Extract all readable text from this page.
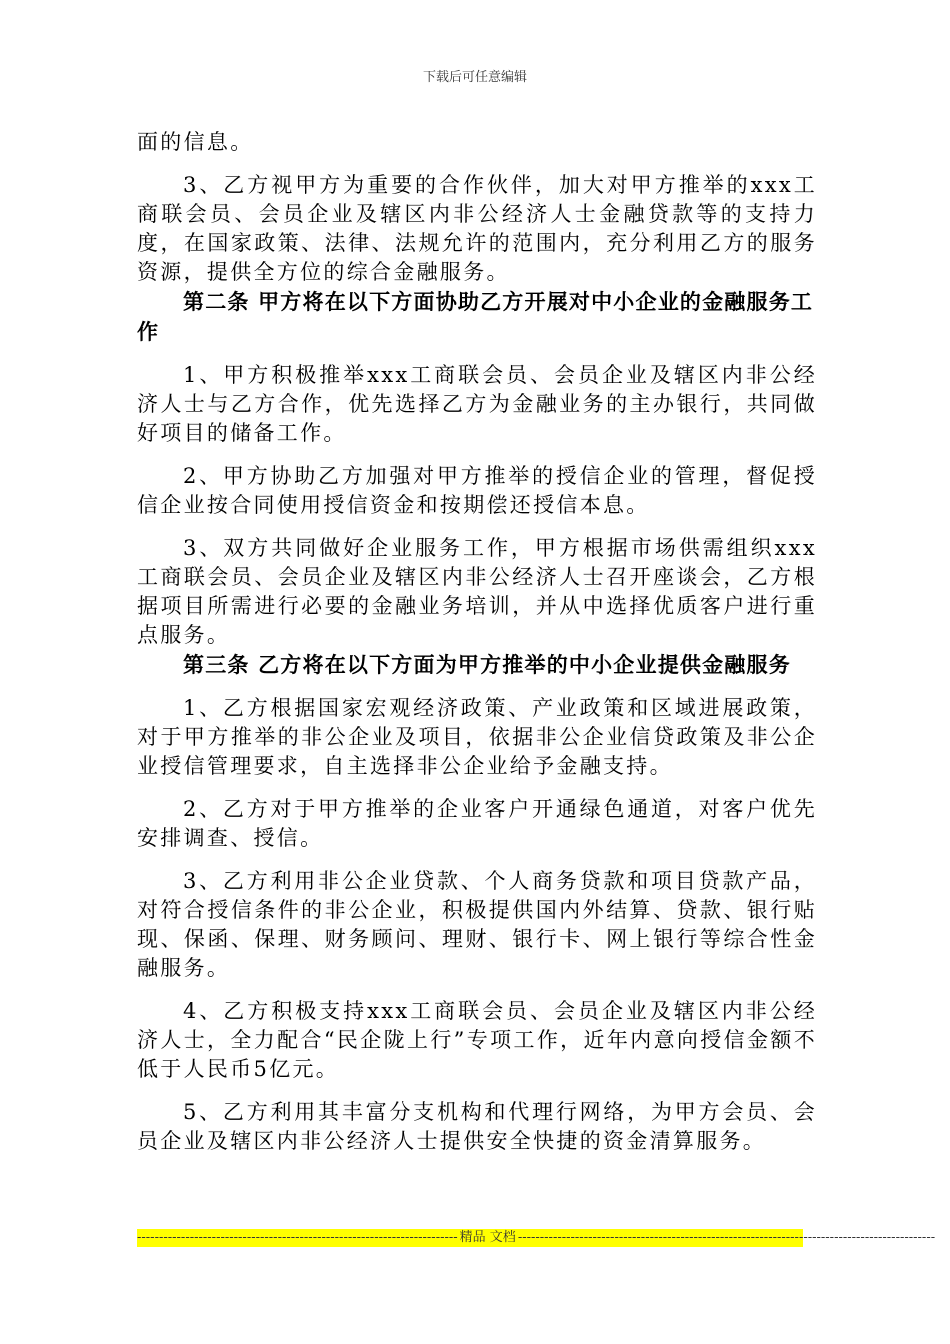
下载后可任意编辑

面的信息。

3、乙方视甲方为重要的合作伙伴，加大对甲方推举的xxx工商联会员、会员企业及辖区内非公经济人士金融贷款等的支持力度，在国家政策、法律、法规允许的范围内，充分利用乙方的服务资源，提供全方位的综合金融服务。

第二条 甲方将在以下方面协助乙方开展对中小企业的金融服务工作

1、甲方积极推举xxx工商联会员、会员企业及辖区内非公经济人士与乙方合作，优先选择乙方为金融业务的主办银行，共同做好项目的储备工作。

2、甲方协助乙方加强对甲方推举的授信企业的管理，督促授信企业按合同使用授信资金和按期偿还授信本息。

3、双方共同做好企业服务工作，甲方根据市场供需组织xxx工商联会员、会员企业及辖区内非公经济人士召开座谈会，乙方根据项目所需进行必要的金融业务培训，并从中选择优质客户进行重点服务。

第三条 乙方将在以下方面为甲方推举的中小企业提供金融服务

1、乙方根据国家宏观经济政策、产业政策和区域进展政策，对于甲方推举的非公企业及项目，依据非公企业信贷政策及非公企业授信管理要求，自主选择非公企业给予金融支持。

2、乙方对于甲方推举的企业客户开通绿色通道，对客户优先安排调查、授信。

3、乙方利用非公企业贷款、个人商务贷款和项目贷款产品，对符合授信条件的非公企业，积极提供国内外结算、贷款、银行贴现、保函、保理、财务顾问、理财、银行卡、网上银行等综合性金融服务。

4、乙方积极支持xxx工商联会员、会员企业及辖区内非公经济人士，全力配合“民企陇上行”专项工作，近年内意向授信金额不低于人民币5亿元。

5、乙方利用其丰富分支机构和代理行网络，为甲方会员、会员企业及辖区内非公经济人士提供安全快捷的资金清算服务。

------------------------------------------------------------------------- 精品 文档 -----------------------------------------------------------------------------------------------
